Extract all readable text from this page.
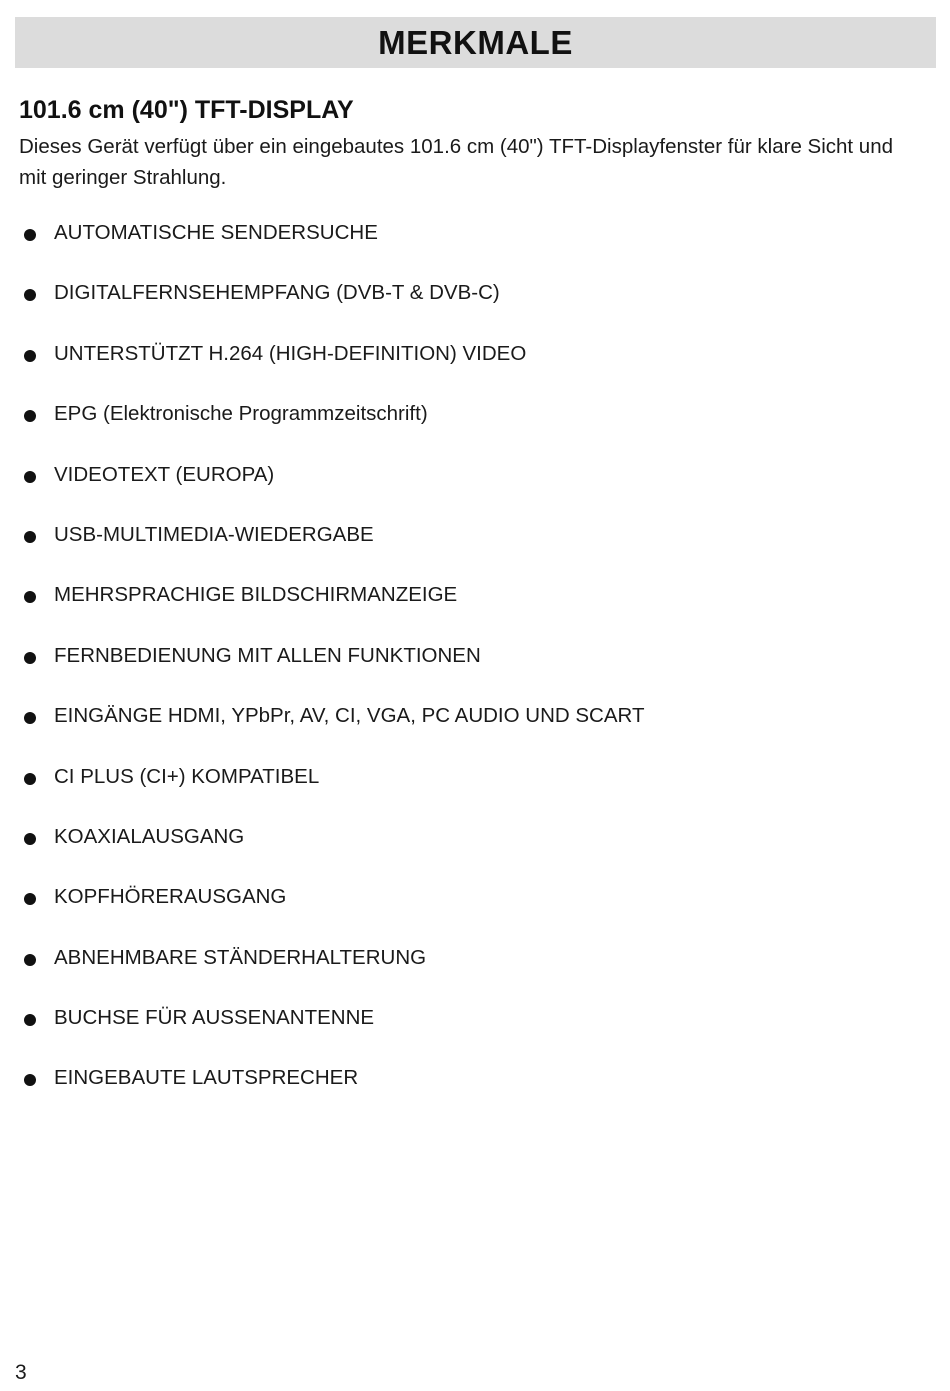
MERKMALE
101.6 cm (40") TFT-DISPLAY

Dieses Gerät verfügt über ein eingebautes 101.6 cm (40") TFT-Displayfenster für klare Sicht und mit geringer Strahlung.

AUTOMATISCHE SENDERSUCHE
DIGITALFERNSEHEMPFANG (DVB-T & DVB-C)
UNTERSTÜTZT H.264 (HIGH-DEFINITION) VIDEO
EPG (Elektronische Programmzeitschrift)
VIDEOTEXT (EUROPA)
USB-MULTIMEDIA-WIEDERGABE
MEHRSPRACHIGE BILDSCHIRMANZEIGE
FERNBEDIENUNG MIT ALLEN FUNKTIONEN
EINGÄNGE HDMI, YPbPr, AV, CI, VGA, PC AUDIO UND SCART
CI PLUS (CI+) KOMPATIBEL
KOAXIALAUSGANG
KOPFHÖRERAUSGANG
ABNEHMBARE STÄNDERHALTERUNG
BUCHSE FÜR AUSSENANTENNE
EINGEBAUTE LAUTSPRECHER
3
